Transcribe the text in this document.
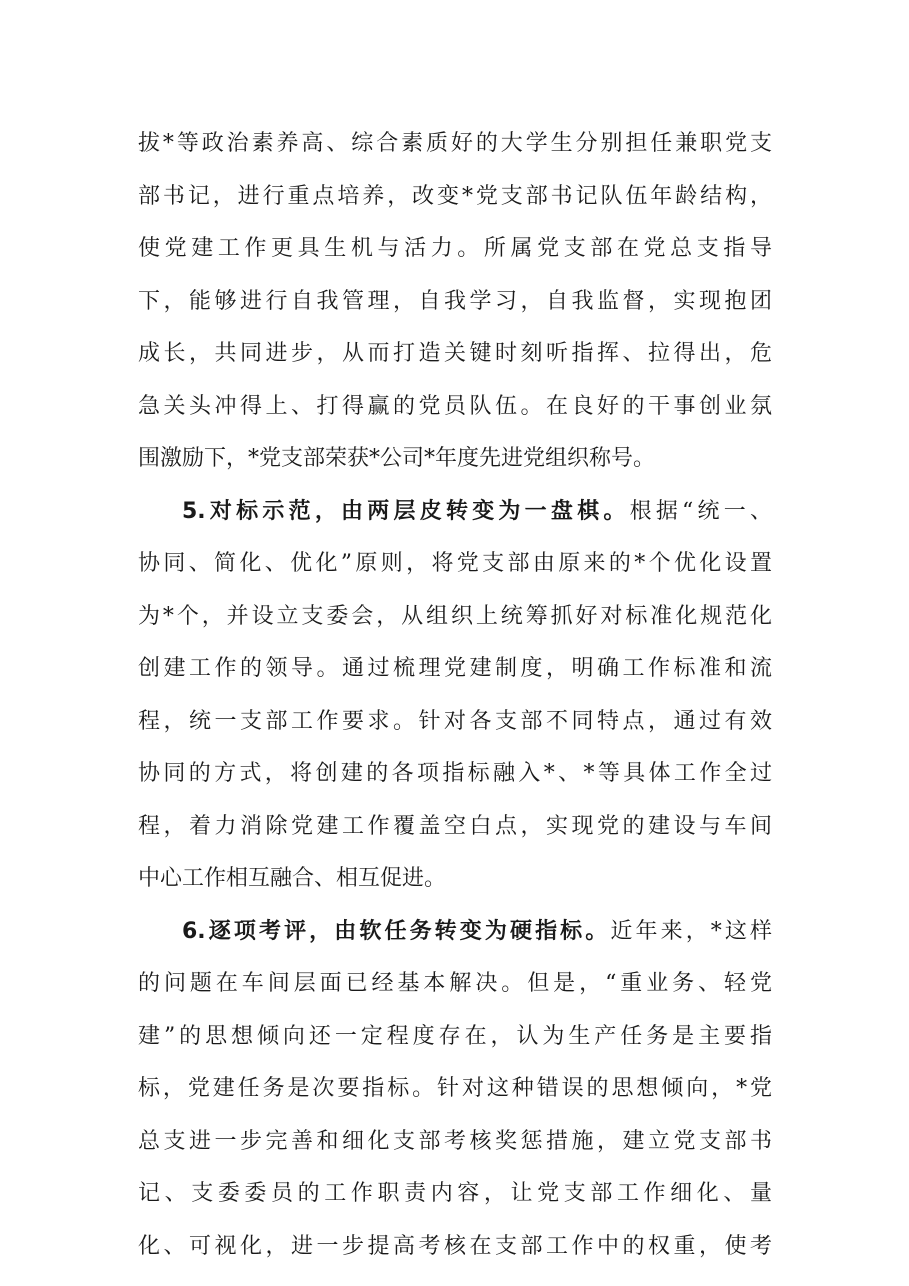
拔*等政治素养高、综合素质好的大学生分别担任兼职党支
部书记，进行重点培养，改变*党支部书记队伍年龄结构，
使党建工作更具生机与活力。所属党支部在党总支指导
下，能够进行自我管理，自我学习，自我监督，实现抱团
成长，共同进步，从而打造关键时刻听指挥、拉得出，危
急关头冲得上、打得赢的党员队伍。在良好的干事创业氛
围激励下，*党支部荣获*公司*年度先进党组织称号。
5.对标示范，由两层皮转变为一盘棋。根据“统一、
协同、简化、优化”原则，将党支部由原来的*个优化设置
为*个，并设立支委会，从组织上统筹抓好对标准化规范化
创建工作的领导。通过梳理党建制度，明确工作标准和流
程，统一支部工作要求。针对各支部不同特点，通过有效
协同的方式，将创建的各项指标融入*、*等具体工作全过
程，着力消除党建工作覆盖空白点，实现党的建设与车间
中心工作相互融合、相互促进。
6.逐项考评，由软任务转变为硬指标。近年来，*这样
的问题在车间层面已经基本解决。但是，“重业务、轻党
建”的思想倾向还一定程度存在，认为生产任务是主要指
标，党建任务是次要指标。针对这种错误的思想倾向，*党
总支进一步完善和细化支部考核奖惩措施，建立党支部书
记、支委委员的工作职责内容，让党支部工作细化、量
化、可视化，进一步提高考核在支部工作中的权重，使考
